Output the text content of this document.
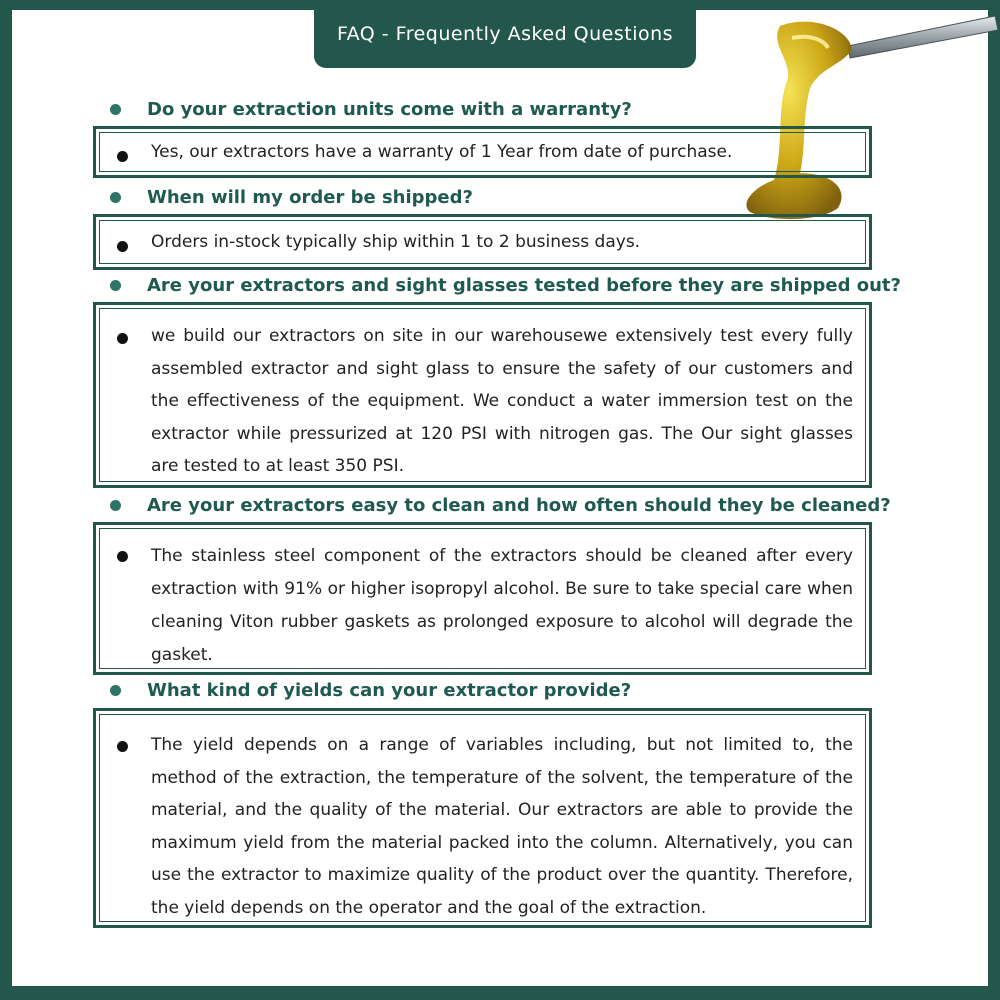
FAQ - Frequently Asked Questions
Do your extraction units come with a warranty?
Yes, our extractors have a warranty of 1 Year from date of purchase.
When will my order be shipped?
Orders in-stock typically ship within 1 to 2 business days.
Are your extractors and sight glasses tested before they are shipped out?
we build our extractors on site in our warehousewe extensively test every fully assembled extractor and sight glass to ensure the safety of our customers and the effectiveness of the equipment. We conduct a water immersion test on the extractor while pressurized at 120 PSI with nitrogen gas. The Our sight glasses are tested to at least 350 PSI.
Are your extractors easy to clean and how often should they be cleaned?
The stainless steel component of the extractors should be cleaned after every extraction with 91% or higher isopropyl alcohol. Be sure to take special care when cleaning Viton rubber gaskets as prolonged exposure to alcohol will degrade the gasket.
What kind of yields can your extractor provide?
The yield depends on a range of variables including, but not limited to, the method of the extraction, the temperature of the solvent, the temperature of the material, and the quality of the material. Our extractors are able to provide the maximum yield from the material packed into the column. Alternatively, you can use the extractor to maximize quality of the product over the quantity. Therefore, the yield depends on the operator and the goal of the extraction.
